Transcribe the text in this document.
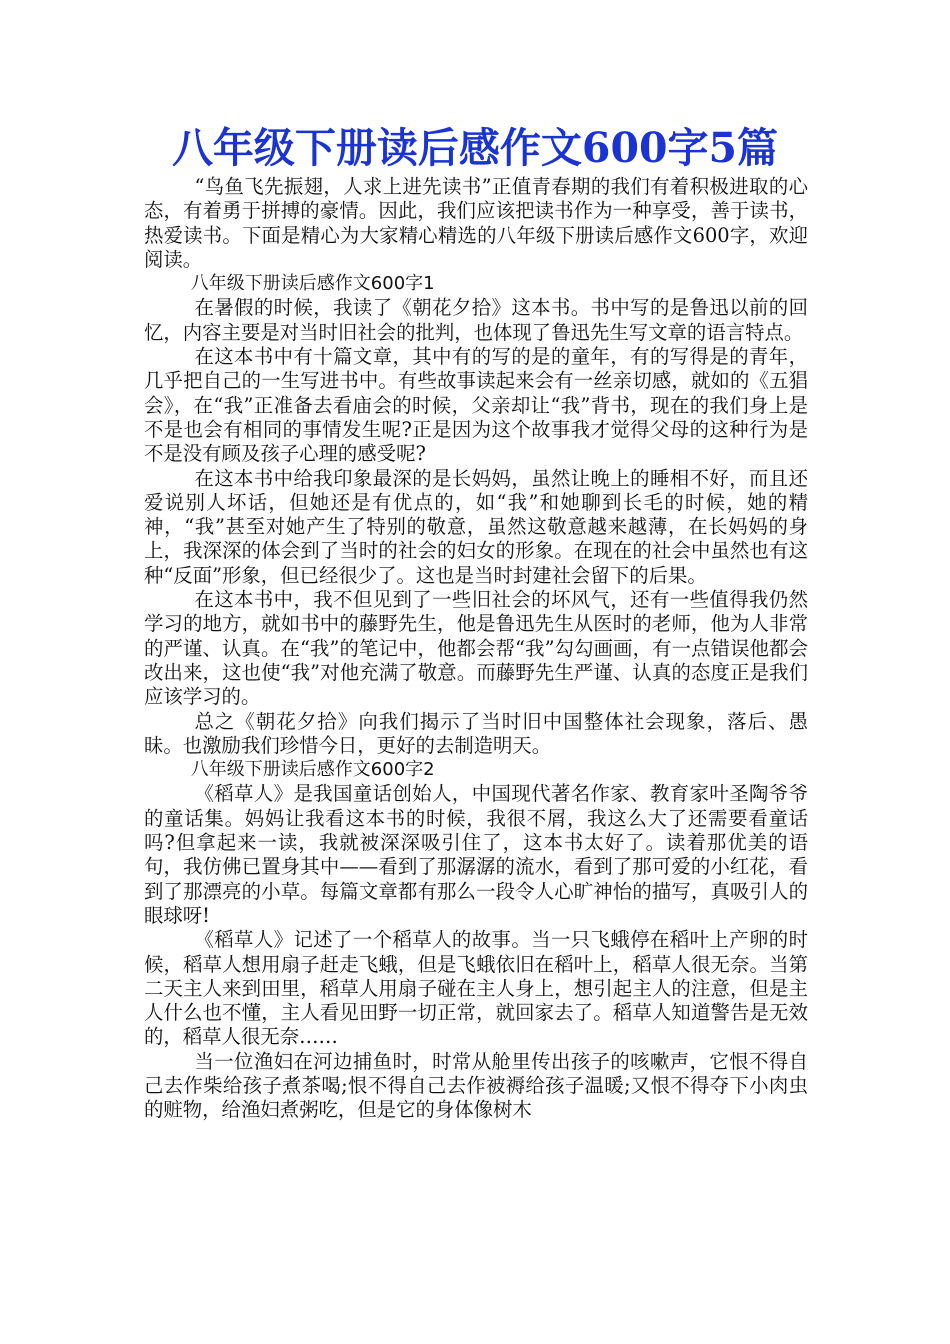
八年级下册读后感作文600字5篇

“鸟鱼飞先振翅，人求上进先读书”正值青春期的我们有着积极进取的心态，有着勇于拼搏的豪情。因此，我们应该把读书作为一种享受，善于读书，热爱读书。下面是精心为大家精心精选的八年级下册读后感作文600字，欢迎阅读。

八年级下册读后感作文600字1

在暑假的时候，我读了《朝花夕拾》这本书。书中写的是鲁迅以前的回忆，内容主要是对当时旧社会的批判，也体现了鲁迅先生写文章的语言特点。

在这本书中有十篇文章，其中有的写的是的童年，有的写得是的青年，几乎把自己的一生写进书中。有些故事读起来会有一丝亲切感，就如的《五猖会》，在“我”正准备去看庙会的时候，父亲却让“我”背书，现在的我们身上是不是也会有相同的事情发生呢?正是因为这个故事我才觉得父母的这种行为是不是没有顾及孩子心理的感受呢?

在这本书中给我印象最深的是长妈妈，虽然让晚上的睡相不好，而且还爱说别人坏话，但她还是有优点的，如“我”和她聊到长毛的时候，她的精神，“我”甚至对她产生了特别的敬意，虽然这敬意越来越薄，在长妈妈的身上，我深深的体会到了当时的社会的妇女的形象。在现在的社会中虽然也有这种“反面”形象，但已经很少了。这也是当时封建社会留下的后果。

在这本书中，我不但见到了一些旧社会的坏风气，还有一些值得我仍然学习的地方，就如书中的藤野先生，他是鲁迅先生从医时的老师，他为人非常的严谨、认真。在“我”的笔记中，他都会帮“我”勾勾画画，有一点错误他都会改出来，这也使“我”对他充满了敬意。而藤野先生严谨、认真的态度正是我们应该学习的。

总之《朝花夕拾》向我们揭示了当时旧中国整体社会现象，落后、愚昧。也激励我们珍惜今日，更好的去制造明天。

八年级下册读后感作文600字2

《稻草人》是我国童话创始人，中国现代著名作家、教育家叶圣陶爷爷的童话集。妈妈让我看这本书的时候，我很不屑，我这么大了还需要看童话吗?但拿起来一读，我就被深深吸引住了，这本书太好了。读着那优美的语句，我仿佛已置身其中——看到了那潺潺的流水，看到了那可爱的小红花，看到了那漂亮的小草。每篇文章都有那么一段令人心旷神怡的描写，真吸引人的眼球呀!

《稻草人》记述了一个稻草人的故事。当一只飞蛾停在稻叶上产卵的时候，稻草人想用扇子赶走飞蛾，但是飞蛾依旧在稻叶上，稻草人很无奈。当第二天主人来到田里，稻草人用扇子碰在主人身上，想引起主人的注意，但是主人什么也不懂，主人看见田野一切正常，就回家去了。稻草人知道警告是无效的，稻草人很无奈……

当一位渔妇在河边捕鱼时，时常从舱里传出孩子的咳嗽声，它恨不得自己去作柴给孩子煮茶喝;恨不得自己去作被褥给孩子温暖;又恨不得夺下小肉虫的赃物，给渔妇煮粥吃，但是它的身体像树木
